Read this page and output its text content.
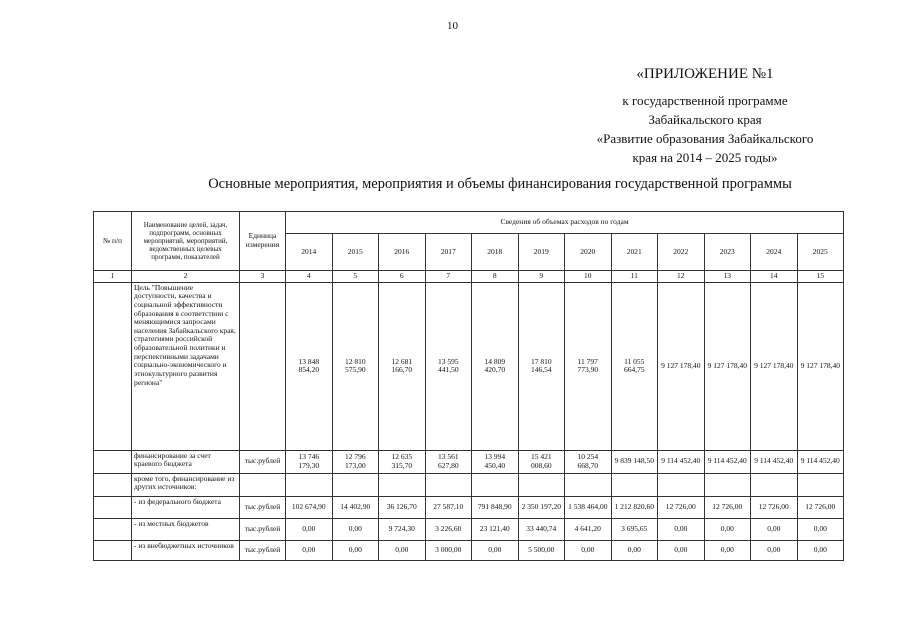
10
«ПРИЛОЖЕНИЕ №1
к государственной программе
Забайкальского края
«Развитие образования Забайкальского
края на 2014 – 2025 годы»
Основные мероприятия, мероприятия и объемы финансирования государственной программы
№ п/п	Наименование целей, задач, подпрограмм, основных мероприятий, мероприятий, ведомственных целевых программ, показателей	Единица измерения	Сведения об объемах расходов по годам											
			2014	2015	2016	2017	2018	2019	2020	2021	2022	2023	2024	2025
1	2	3	4	5	6	7	8	9	10	11	12	13	14	15
	Цель "Повышение доступности, качества и социальной эффективности образования в соответствии с меняющимися запросами населения Забайкальского края, стратегиями российской образовательной политики и перспективными задачами социально-экономического и этнокультурного развития региона"		13 848 854,20	12 810 575,90	12 681 166,70	13 595 441,50	14 809 420,70	17 810 146,54	11 797 773,90	11 055 664,75	9 127 178,40	9 127 178,40	9 127 178,40	9 127 178,40
	финансирование за счет краевого бюджета	тыс.рублей	13 746 179,30	12 796 173,00	12 635 315,70	13 561 627,80	13 994 450,40	15 421 008,60	10 254 668,70	9 839 148,50	9 114 452,40	9 114 452,40	9 114 452,40	9 114 452,40
	кроме того, финансирование из других источников:													
	- из федерального бюджета	тыс.рублей	102 674,90	14 402,90	36 126,70	27 587,10	791 848,90	2 350 197,20	1 538 464,00	1 212 820,60	12 726,00	12 726,00	12 726,00	12 726,00
	- из местных бюджетов	тыс.рублей	0,00	0,00	9 724,30	3 226,60	23 121,40	33 440,74	4 641,20	3 695,65	0,00	0,00	0,00	0,00
	- из внебюджетных источников	тыс.рублей	0,00	0,00	0,00	3 000,00	0,00	5 500,00	0,00	0,00	0,00	0,00	0,00	0,00
